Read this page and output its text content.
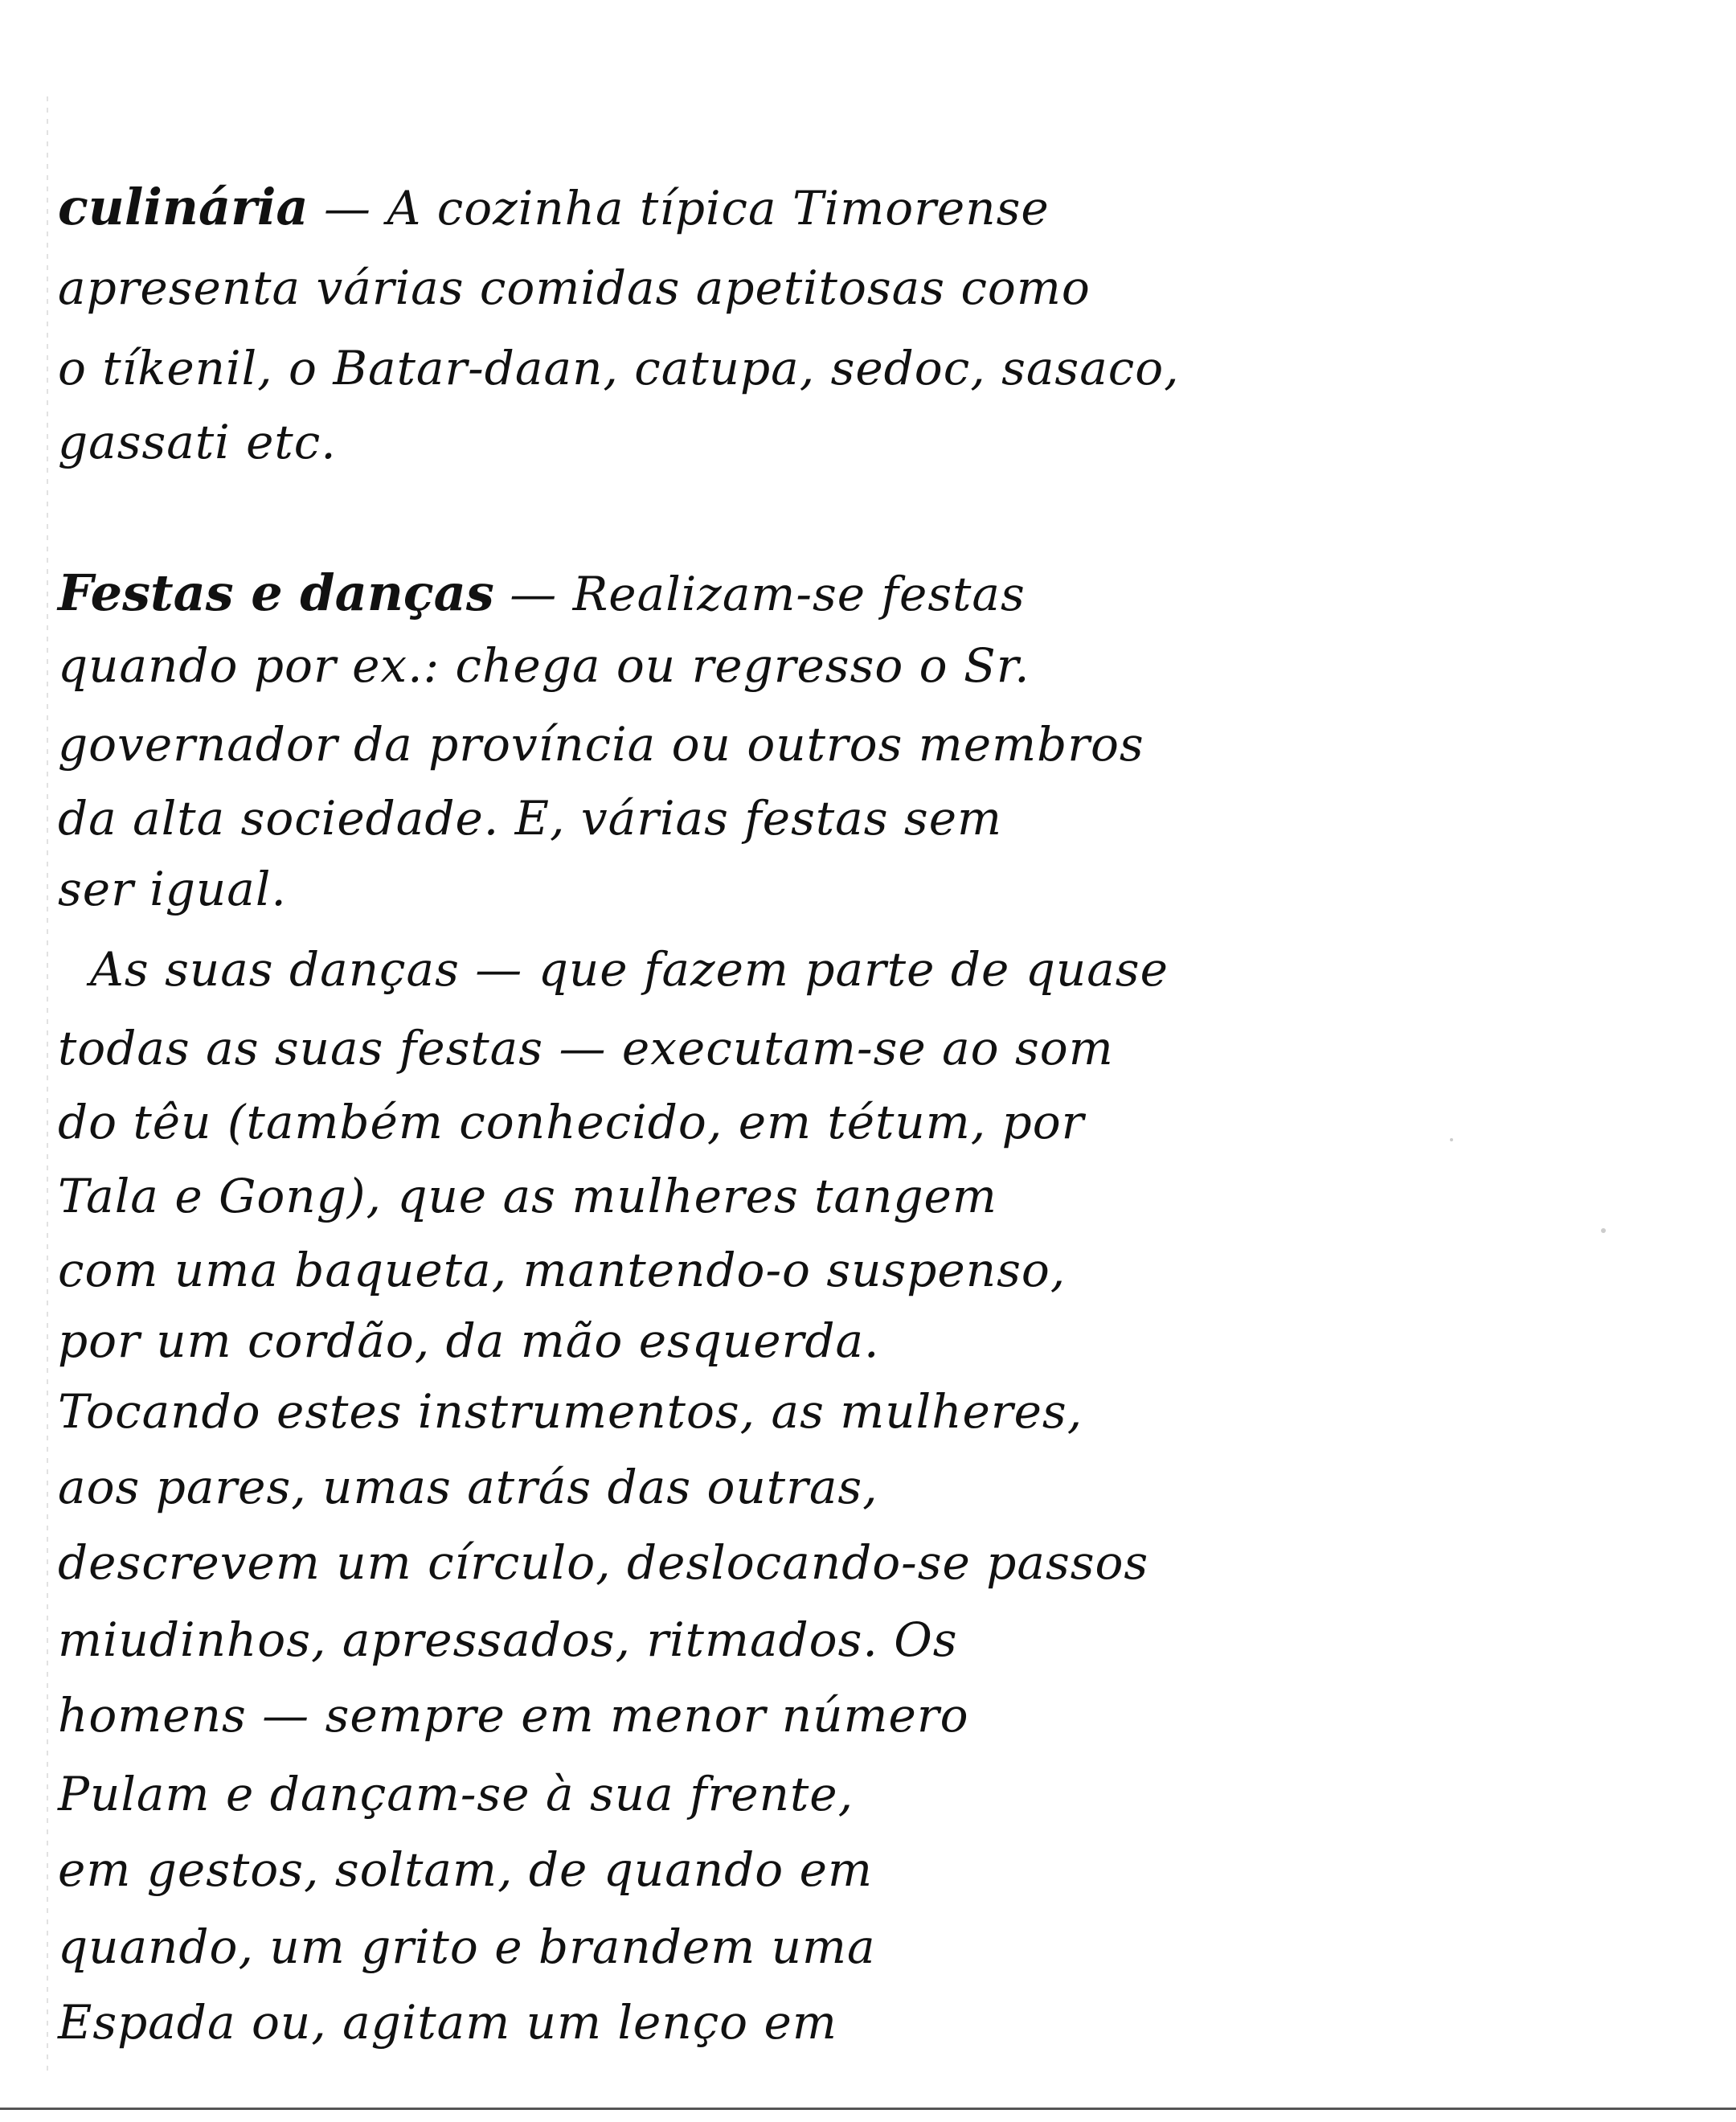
culinária — A cozinha típica Timorense
apresenta várias comidas apetitosas como
o tíkenil, o Batar-daan, catupa, sedoc, sasaco,
gassati etc.
Festas e danças — Realizam-se festas
quando por ex.: chega ou regresso o Sr.
governador da província ou outros membros
da alta sociedade. E, várias festas sem
ser igual.
As suas danças — que fazem parte de quase
todas as suas festas — executam-se ao som
do têu (também conhecido, em tétum, por
Tala e Gong), que as mulheres tangem
com uma baqueta, mantendo-o suspenso,
por um cordão, da mão esquerda.
Tocando estes instrumentos, as mulheres,
aos pares, umas atrás das outras,
descrevem um círculo, deslocando-se passos
miudinhos, apressados, ritmados. Os
homens — sempre em menor número
Pulam e dançam-se à sua frente,
em gestos, soltam, de quando em
quando, um grito e brandem uma
Espada ou, agitam um lenço em
